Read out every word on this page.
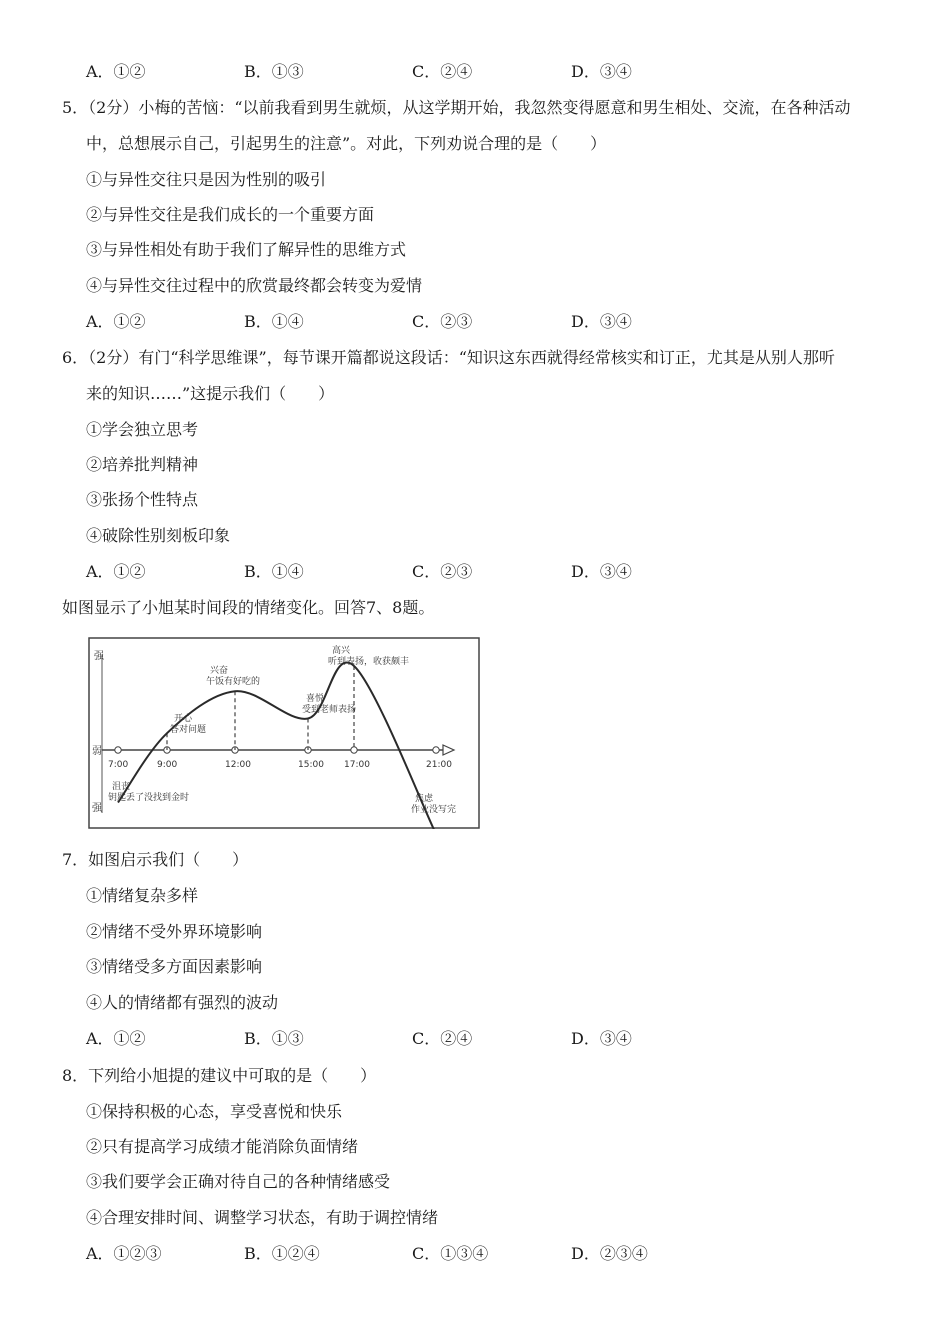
A．①②	B．①③	C．②④	D．③④
5．（2分）小梅的苦恼：“以前我看到男生就烦，从这学期开始，我忽然变得愿意和男生相处、交流，在各种活动
中，总想展示自己，引起男生的注意”。对此，下列劝说合理的是（　　）
①与异性交往只是因为性别的吸引
②与异性交往是我们成长的一个重要方面
③与异性相处有助于我们了解异性的思维方式
④与异性交往过程中的欣赏最终都会转变为爱情
A．①②	B．①④	C．②③	D．③④
6．（2分）有门“科学思维课”，每节课开篇都说这段话：“知识这东西就得经常核实和订正，尤其是从别人那听
来的知识……”这提示我们（　　）
①学会独立思考
②培养批判精神
③张扬个性特点
④破除性别刻板印象
A．①②	B．①④	C．②③	D．③④
如图显示了小旭某时间段的情绪变化。回答7、8题。
强
弱
强
7:00	9:00	12:00	15:00 17:00	21:00
沮丧钥匙丢了没找到金时
开心答对问题
兴奋午饭有好吃的
喜悦受到老师表扬
高兴听到表扬，收获颇丰
焦虑作业没写完
7．如图启示我们（　　）
①情绪复杂多样
②情绪不受外界环境影响
③情绪受多方面因素影响
④人的情绪都有强烈的波动
A．①②	B．①③	C．②④	D．③④
8．下列给小旭提的建议中可取的是（　　）
①保持积极的心态，享受喜悦和快乐
②只有提高学习成绩才能消除负面情绪
③我们要学会正确对待自己的各种情绪感受
④合理安排时间、调整学习状态，有助于调控情绪
A．①②③	B．①②④	C．①③④	D．②③④
